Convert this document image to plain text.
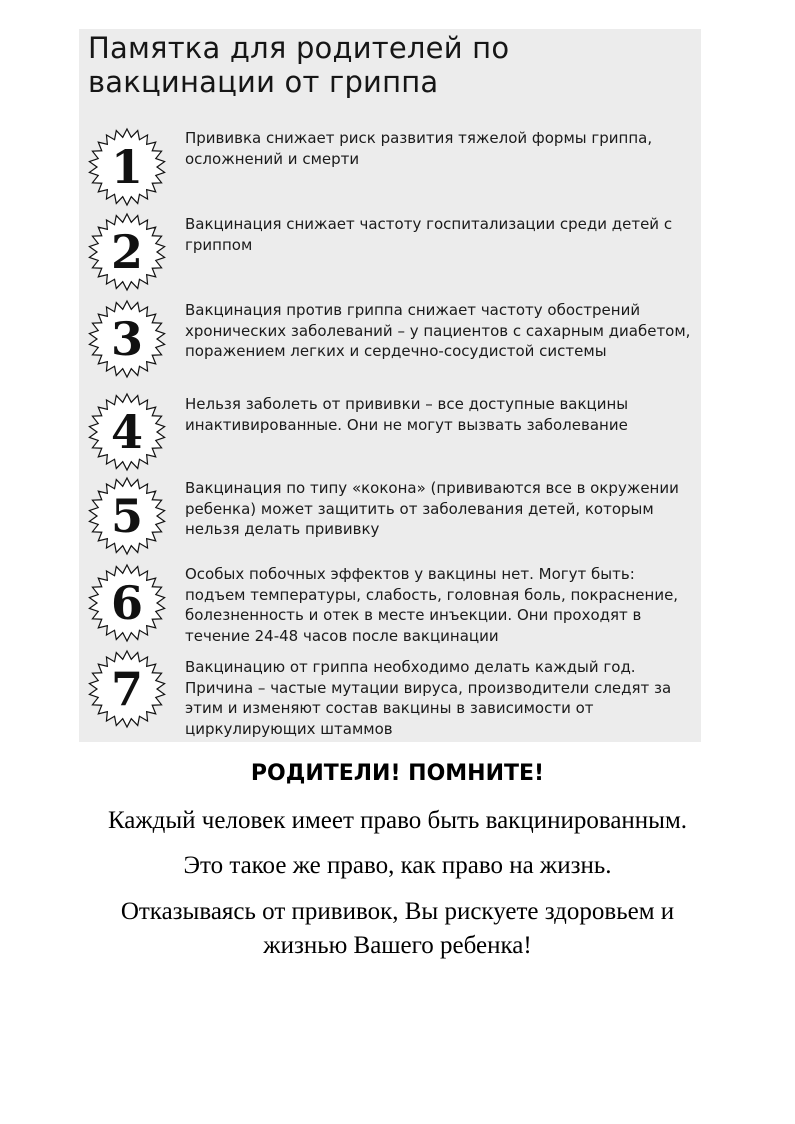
Памятка для родителей по вакцинации от гриппа
1

Прививка снижает риск развития тяжелой формы гриппа, осложнений и смерти

2

Вакцинация снижает частоту госпитализации среди детей с гриппом

3

Вакцинация против гриппа снижает частоту обострений хронических заболеваний – у пациентов с сахарным диабетом, поражением легких и сердечно-сосудистой системы

4

Нельзя заболеть от прививки – все доступные вакцины инактивированные. Они не могут вызвать заболевание

5

Вакцинация по типу «кокона» (прививаются все в окружении ребенка) может защитить от заболевания детей, которым нельзя делать прививку

6

Особых побочных эффектов у вакцины нет. Могут быть: подъем температуры, слабость, головная боль, покраснение, болезненность и отек в месте инъекции. Они проходят в течение 24-48 часов после вакцинации

7	Вакцинацию от гриппа необходимо делать каждый год. Причина – частые мутации вируса, производители следят за этим и изменяют состав вакцины в зависимости от циркулирующих штаммов

РОДИТЕЛИ! ПОМНИТЕ!
Каждый человек имеет право быть вакцинированным.
Это такое же право, как право на жизнь.
Отказываясь от прививок, Вы рискуете здоровьем и жизнью Вашего ребенка!
